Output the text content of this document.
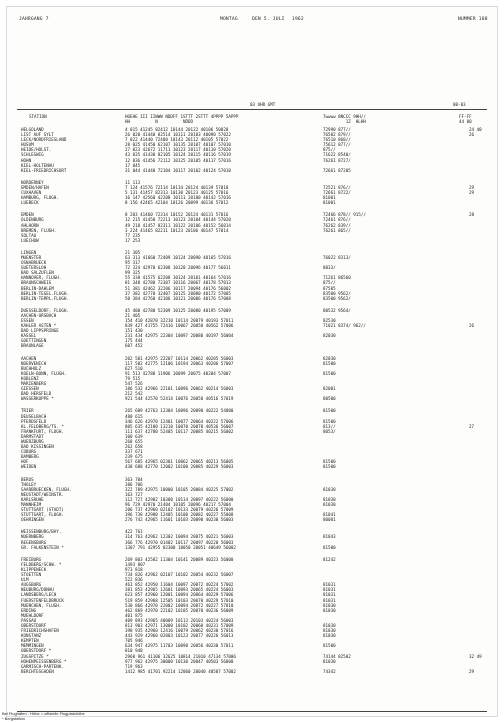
JAHRGANG 7	MONTAG	DEN 5. JULI 1962	NUMMER 188
03 UHR GMT	00-03
STATION	HOEHE III IIWWW NDDFF 1STTT 2STTT 4PPPP 5APPP
HH          N          NDDD
7wwww 8NCCC 9HH//
1Z  HLHH
FF-FF
44 00
HELGOLAND	4 015 41245 82412 10144 20122 40106 50020	72990 877//	24 40
LIST AUF SYLT	26 020 41440 82514 10111 20103 40090 57022	76502 879//	26
LECK/NORDFRIESLAND	7 022 41440 72408 10143 20112 40105 57022	76510 860//
HUSUM	28 025 41450 62107 10135 20107 40107 57010	75612 877//
HEIDE/HOLST.	27 023 42672 11711 10123 20117 40110 57020	875//
SCHLESWIG	43 035 41430 82105 10124 20115 40116 57019	71622 8540/
HOHN	12 036 41456 72112 10125 20105 40117 57016	76261 8727/
KIEL-HOLTENAU	17 045
KIEL-FRIEDRICHSORT	31 044 41440 72104 10117 20102 40124 57010	72661 87205
NORDERNEY	11 113
EMDEN/HAFEN	7 124 41576 72114 10134 20124 40139 57018	72521 876//	29
CUXHAVEN	5 131 41457 82313 10130 20123 40125 57016	72661 8722/	29
HAMBURG, FLUGH.	16 147 42560 42208 10111 20100 40142 57016	81001
LUEBECK	8 156 42465 42104 10126 20099 40136 57012	81001
EMDEN	8 203 41460 72314 10152 20124 40131 57016	72466 878// 915//	28
OLDENBURG	12 215 41450 72213 10123 20104 40144 57020	72461 876//
AHLHORN	49 218 41457 82311 10122 20106 40152 56014	76262 839//
BREMEN, FLUGH.	3 224 41465 82211 10123 20106 40147 57014	76261 865//
SOLTAU	77 235
LUECHOW	17 253
LINGEN	21 305
MUENSTER	63 313 41660 72409 10124 20090 40165 57016	76022 8313/
OSNABRUECK	95 317
GUETERSLOH	72 324 42970 62308 10120 20096 40177 56011	8033/
BAD SALZUFLEN	99 325
HANNOVER, FLUGH.	55 338 41575 62208 10124 20101 40164 57016	71261 86560
BRAUNSCHWEIG	81 348 42780 72307 10116 20067 40178 57013	875//
BERLIN-DAHLEM	51 381 42462 32206 10117 20094 40176 56002	87505
BERLIN-TEGEL.FLUGH.	37 382 42770 32407 10125 20080 40172 57005	83500 9562/
BERLIN-TEMPL.FLUGH.	50 384 42760 42106 10121 20086 40176 57008	83500 9562/
DUESSELDORF, FLUGH.	45 400 42780 52309 10125 20080 40195 57009	80532 9564/
AACHEN-ORSBACH	21 405
ESSEN	154 410 42870 32210 10114 20079 40193 57011	82530
KAHLER ASTEN *	839 427 41755 72416 10067 20050 40562 57006	71021 8374/ 962//	26
BAD LIPPSPRINGE	151 430
KASSEL	231 434 42975 22304 10097 20080 40197 56004	82030
GOETTINGEN	175 444
BRAUNLAGE	607 452
AACHEN	202 501 42975 22207 10114 20062 40205 56003	82030
NOERVENICH	117 502 42775 12106 10194 20063 40206 57007	81500
BUCHHOLZ	627 510
KOELN-BONN, FLUGH.	91 513 42788 11906 10099 20075 40204 57007	81500
KOBLENZ	79 515
MARIENBERG	547 526
GIESSEN	186 532 42966 22101 10096 20062 40214 56003	82001
BAD HERSFELD	212 542
WASSERKUPPE *	921 544 42570 52414 10076 20058 40516 57019	80500
TRIER	265 609 42763 12304 10096 20090 40222 54000	81500
DEUSELBACH	480 615
PFERDSFELD	346 626 42970 12401 10077 20064 40222 57006	81500
KL.FELDBERG/TS. *	805 635 42180 13210 10070 20070 40536 56007	813//	27
FRANKFURT, FLUGH.	111 637 42780 52405 10117 20085 40215 56002	8053/
DARMSTADT	100 639
WUERZBURG	268 655
BAD KISSINGEN	262 658
COBURG	337 671
BAMBERG	239 675
HOF	567 685 42965 02301 10062 20065 40213 56005	81500
WEIDEN	438 688 42770 12002 10100 20085 40229 56003	81500
BERUS	363 704
THOLEY	386 706
SAARBRUECKEN, FLUGH.	322 709 42975 10000 10105 20084 40225 57002	81030
NEUSTADT/WEINSTR.	163 727
KARLSRUHE	112 727 42982 10300 10114 20097 40222 56000	81030
MANNHEIM	96 729 42970 21404 10105 20096 40217 57004	81030
STUTTGART (STADT)	206 737 42960 02102 10133 20079 40226 57009
STUTTGART, FLUGH.	396 738 42980 12405 10100 20082 40227 55008	81041
OEHRINGEN	276 742 42965 11601 10103 20090 40230 56003	80001
WEISSENBURG/BAY.	422 761
NUERNBERG	314 763 42962 12302 10094 20075 40221 56003	81043
REGENSBURG	366 776 42970 01402 10117 20097 40220 56003
GR. FALKENSTEIN *	1307 791 42955 02300 10050 20051 40649 56002	81500
FREIBURG	269 803 42582 11304 10141 20089 40223 56000	81242
FELDBERG/SCHW. *	1493 807
KLIPPENECK	973 818
STOETTEN	734 826 42962 02107 10102 20054 40232 56007
ULM	522 836
AUGSBURG	461 852 42950 11604 10097 20072 40224 57002	81031
NEUBURG/DONAU	381 853 42965 12601 10093 20065 40224 56003	81031
LANDSBERG/LECH	623 857 42960 12001 10094 20064 40229 57006	81031
FUERSTENFELDBRUCK	519 859 42968 12505 10103 20070 40229 57010	81031
MUENCHEN, FLUGH.	530 866 42970 22002 10094 20072 40227 57010	81030
ERDING	462 869 42970 22102 10105 20070 40236 56009	81030
MUEHLDORF	401 875
PASSAU	409 893 42965 40009 10113 20103 40224 56003
OBERSTDORF	813 903 42971 13000 10102 20060 40231 57009	81030
FRIEDRICHSHAFEN	398 935 42960 12416 10079 20062 40230 57016	81030
KONSTANZ	443 929 42960 02003 10123 20077 40226 56013	81030
KEMPTEN	705 946
MEMMINGEN	634 947 42975 11703 10090 20056 40230 57011	81500
OBERSTDORF *	810 948
ZUGSPITZE *	2960 961 41106 32625 10814 21010 47134 57006	74144 82502	32 49
HOHENPEISSENBERG *	977 962 42975 30000 10130 20047 40503 56000	81030
GARMISCH-PARTENK.	719 963
BERCHTESGADEN	1412 985 41701 92214 12060 20040 40507 57002	74342	29
Bei Flughäfen : Höhe = offizielle Flugplatzhöhe
* Bergstation
